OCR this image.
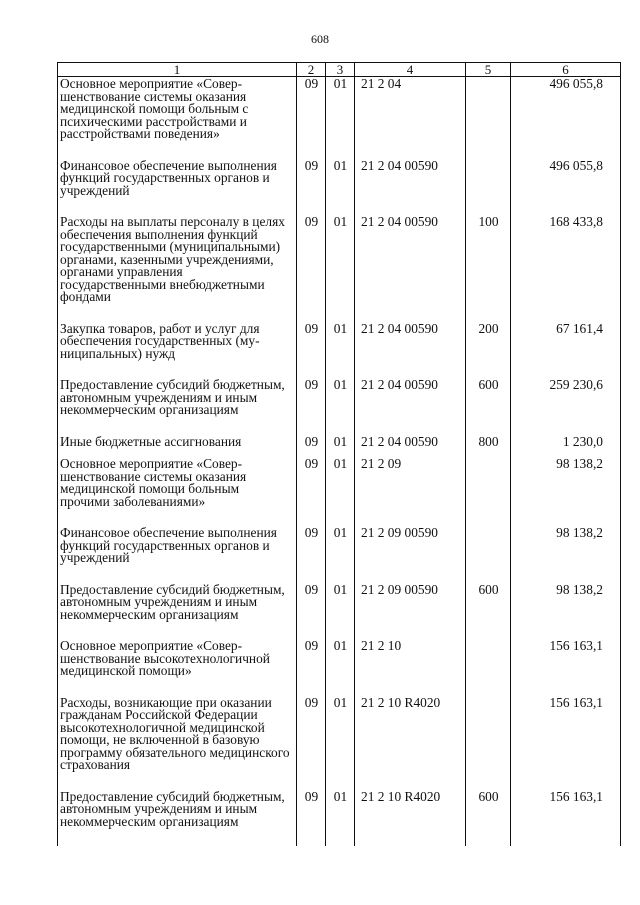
608
1	2	3	4	5	6
Основное мероприятие «Совершенствование системы оказания медицинской помощи больным с психическими расстройствами и расстройствами поведения»	09	01	21 2 04		496 055,8
Финансовое обеспечение выполнения функций государственных органов и учреждений	09	01	21 2 04 00590		496 055,8
Расходы на выплаты персоналу в целях обеспечения выполнения функций государственными (муниципальными) органами, казенными учреждениями, органами управления государственными внебюджетными фондами	09	01	21 2 04 00590	100	168 433,8
Закупка товаров, работ и услуг для обеспечения государственных (муниципальных) нужд	09	01	21 2 04 00590	200	67 161,4
Предоставление субсидий бюджетным, автономным учреждениям и иным некоммерческим организациям	09	01	21 2 04 00590	600	259 230,6
Иные бюджетные ассигнования	09	01	21 2 04 00590	800	1 230,0
Основное мероприятие «Совершенствование системы оказания медицинской помощи больным прочими заболеваниями»	09	01	21 2 09		98 138,2
Финансовое обеспечение выполнения функций государственных органов и учреждений	09	01	21 2 09 00590		98 138,2
Предоставление субсидий бюджетным, автономным учреждениям и иным некоммерческим организациям	09	01	21 2 09 00590	600	98 138,2
Основное мероприятие «Совершенствование высокотехнологичной медицинской помощи»	09	01	21 2 10		156 163,1
Расходы, возникающие при оказании гражданам Российской Федерации высокотехнологичной медицинской помощи, не включенной в базовую программу обязательного медицинского страхования	09	01	21 2 10 R4020		156 163,1
Предоставление субсидий бюджетным, автономным учреждениям и иным некоммерческим организациям	09	01	21 2 10 R4020	600	156 163,1
